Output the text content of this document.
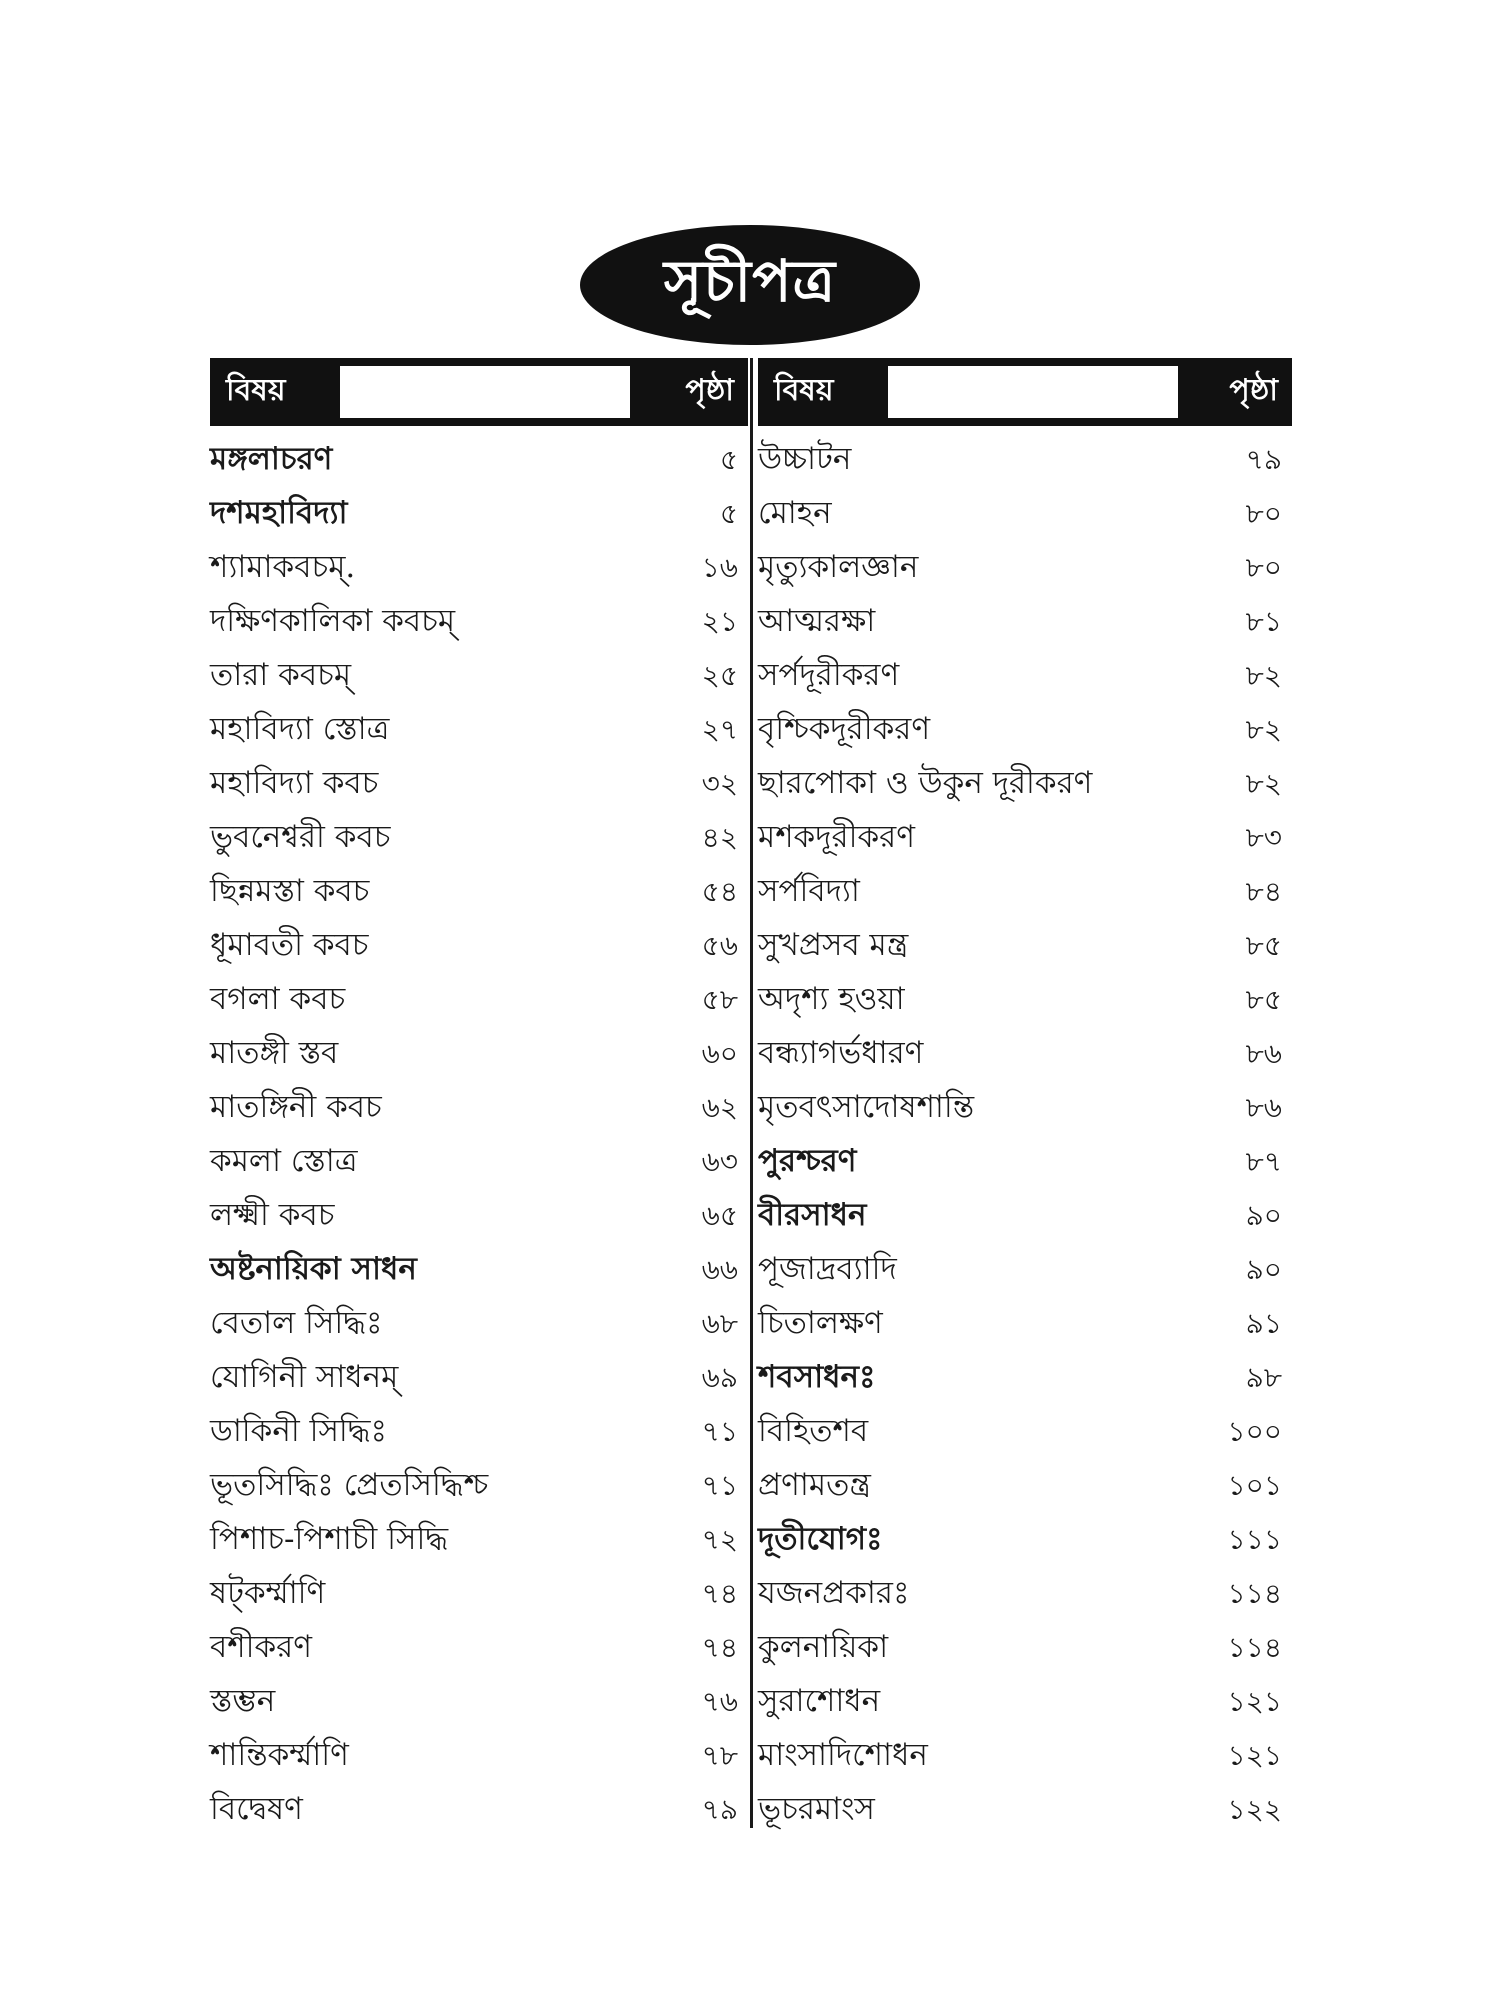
সূচীপত্র
বিষয়	পৃষ্ঠা
মঙ্গলাচরণ	৫
দশমহাবিদ্যা	৫
শ্যামাকবচম্.	১৬
দক্ষিণকালিকা কবচম্	২১
তারা কবচম্	২৫
মহাবিদ্যা স্তোত্র	২৭
মহাবিদ্যা কবচ	৩২
ভুবনেশ্বরী কবচ	৪২
ছিন্নমস্তা কবচ	৫৪
ধূমাবতী কবচ	৫৬
বগলা কবচ	৫৮
মাতঙ্গী স্তব	৬০
মাতঙ্গিনী কবচ	৬২
কমলা স্তোত্র	৬৩
লক্ষ্মী কবচ	৬৫
অষ্টনায়িকা সাধন	৬৬
বেতাল সিদ্ধিঃ	৬৮
যোগিনী সাধনম্	৬৯
ডাকিনী সিদ্ধিঃ	৭১
ভূতসিদ্ধিঃ প্রেতসিদ্ধিশ্চ	৭১
পিশাচ-পিশাচী সিদ্ধি	৭২
ষট্কর্ম্মাণি	৭৪
বশীকরণ	৭৪
স্তম্ভন	৭৬
শান্তিকর্ম্মাণি	৭৮
বিদ্বেষণ	৭৯
বিষয়	পৃষ্ঠা
উচ্চাটন	৭৯
মোহন	৮০
মৃত্যুকালজ্ঞান	৮০
আত্মরক্ষা	৮১
সর্পদূরীকরণ	৮২
বৃশ্চিকদূরীকরণ	৮২
ছারপোকা ও উকুন দূরীকরণ	৮২
মশকদূরীকরণ	৮৩
সর্পবিদ্যা	৮৪
সুখপ্রসব মন্ত্র	৮৫
অদৃশ্য হওয়া	৮৫
বন্ধ্যাগর্ভধারণ	৮৬
মৃতবৎসাদোষশান্তি	৮৬
পুরশ্চরণ	৮৭
বীরসাধন	৯০
পূজাদ্রব্যাদি	৯০
চিতালক্ষণ	৯১
শবসাধনঃ	৯৮
বিহিতশব	১০০
প্রণামতন্ত্র	১০১
দূতীযোগঃ	১১১
যজনপ্রকারঃ	১১৪
কুলনায়িকা	১১৪
সুরাশোধন	১২১
মাংসাদিশোধন	১২১
ভূচরমাংস	১২২
